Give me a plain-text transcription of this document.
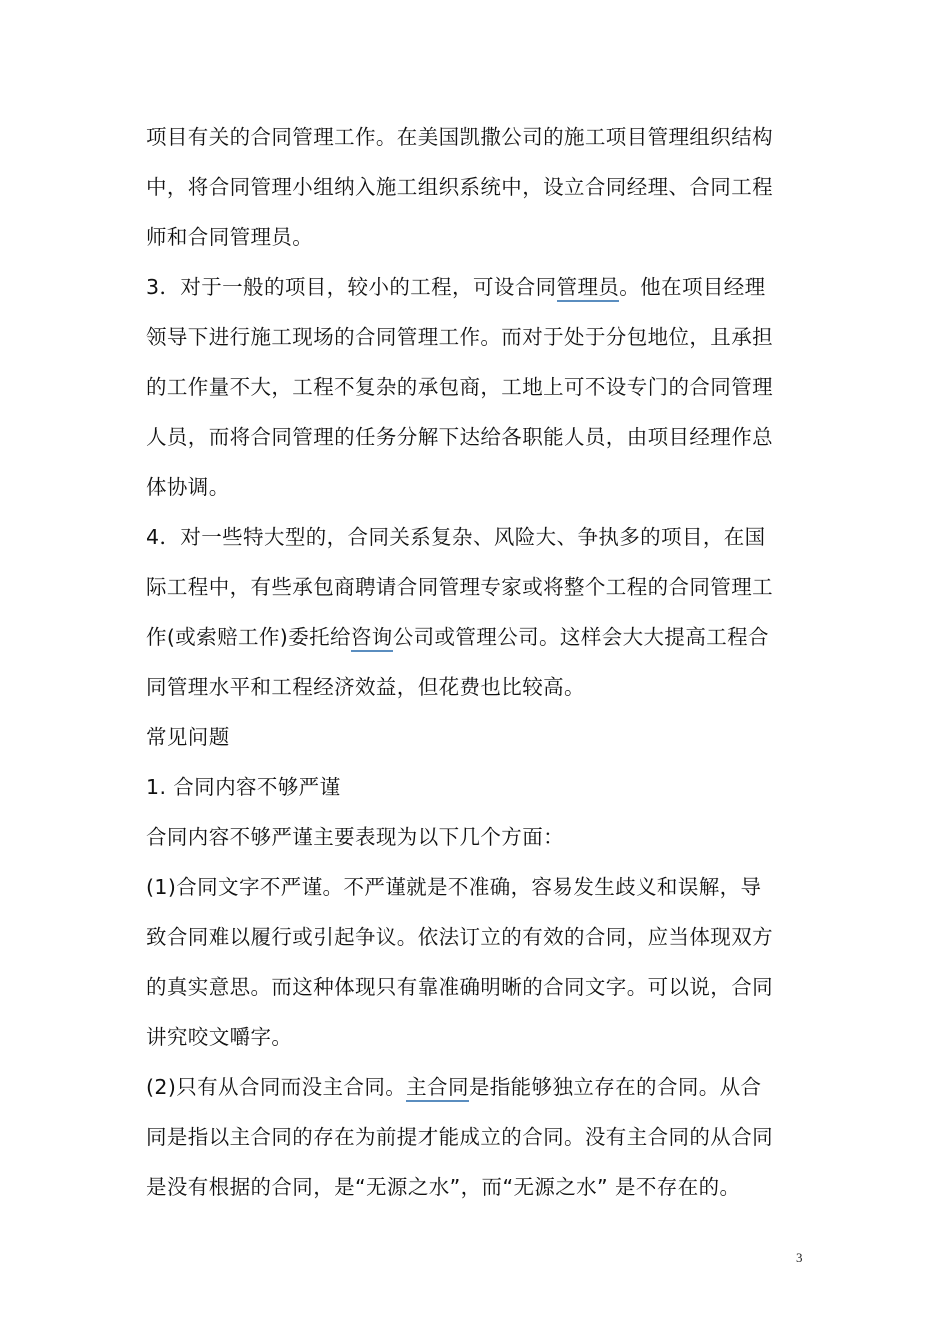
项目有关的合同管理工作。在美国凯撒公司的施工项目管理组织结构
中，将合同管理小组纳入施工组织系统中，设立合同经理、合同工程
师和合同管理员。
3．对于一般的项目，较小的工程，可设合同管理员。他在项目经理
领导下进行施工现场的合同管理工作。而对于处于分包地位，且承担
的工作量不大，工程不复杂的承包商，工地上可不设专门的合同管理
人员，而将合同管理的任务分解下达给各职能人员，由项目经理作总
体协调。
4．对一些特大型的，合同关系复杂、风险大、争执多的项目，在国
际工程中，有些承包商聘请合同管理专家或将整个工程的合同管理工
作(或索赔工作)委托给咨询公司或管理公司。这样会大大提高工程合
同管理水平和工程经济效益，但花费也比较高。
常见问题
1. 合同内容不够严谨
合同内容不够严谨主要表现为以下几个方面：
(1)合同文字不严谨。不严谨就是不准确，容易发生歧义和误解，导
致合同难以履行或引起争议。依法订立的有效的合同，应当体现双方
的真实意思。而这种体现只有靠准确明晰的合同文字。可以说，合同
讲究咬文嚼字。
(2)只有从合同而没主合同。主合同是指能够独立存在的合同。从合
同是指以主合同的存在为前提才能成立的合同。没有主合同的从合同
是没有根据的合同，是“无源之水”，而“无源之水” 是不存在的。
3
